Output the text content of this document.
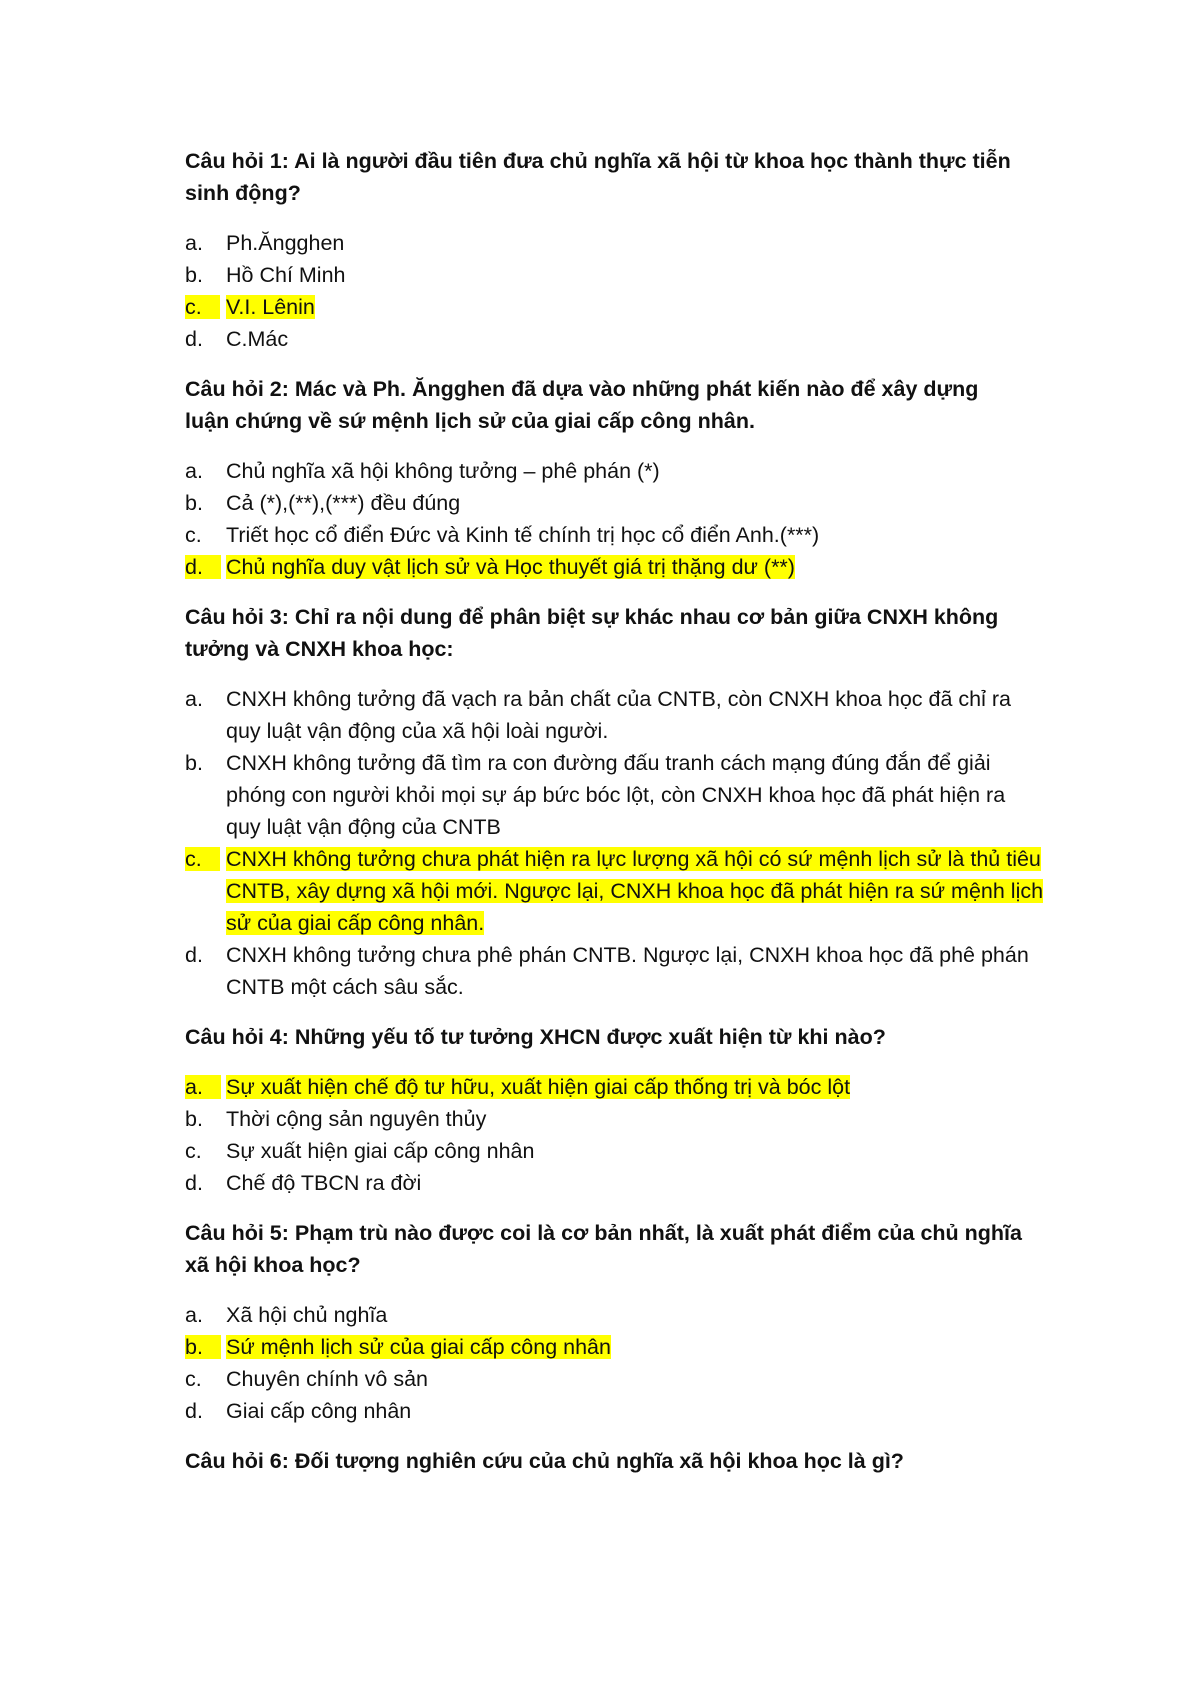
Câu hỏi 1: Ai là người đầu tiên đưa chủ nghĩa xã hội từ khoa học thành thực tiễn sinh động?

a.	Ph.Ăngghen
b.	Hồ Chí Minh
c.	V.I. Lênin
d.	C.Mác

Câu hỏi 2: Mác và Ph. Ăngghen đã dựa vào những phát kiến nào để xây dựng luận chứng về sứ mệnh lịch sử của giai cấp công nhân.

a.	Chủ nghĩa xã hội không tưởng – phê phán (*)
b.	Cả (*),(**),(***) đều đúng
c.	Triết học cổ điển Đức và Kinh tế chính trị học cổ điển Anh.(***)
d.	Chủ nghĩa duy vật lịch sử và Học thuyết giá trị thặng dư (**)

Câu hỏi 3: Chỉ ra nội dung để phân biệt sự khác nhau cơ bản giữa CNXH không tưởng và CNXH khoa học:

a.	CNXH không tưởng đã vạch ra bản chất của CNTB, còn CNXH khoa học đã chỉ ra quy luật vận động của xã hội loài người.
b.	CNXH không tưởng đã tìm ra con đường đấu tranh cách mạng đúng đắn để giải phóng con người khỏi mọi sự áp bức bóc lột, còn CNXH khoa học đã phát hiện ra quy luật vận động của CNTB
c.	CNXH không tưởng chưa phát hiện ra lực lượng xã hội có sứ mệnh lịch sử là thủ tiêu CNTB, xây dựng xã hội mới. Ngược lại, CNXH khoa học đã phát hiện ra sứ mệnh lịch sử của giai cấp công nhân.
d.	CNXH không tưởng chưa phê phán CNTB. Ngược lại, CNXH khoa học đã phê phán CNTB một cách sâu sắc.

Câu hỏi 4: Những yếu tố tư tưởng XHCN được xuất hiện từ khi nào?

a.	Sự xuất hiện chế độ tư hữu, xuất hiện giai cấp thống trị và bóc lột
b.	Thời cộng sản nguyên thủy
c.	Sự xuất hiện giai cấp công nhân
d.	Chế độ TBCN ra đời

Câu hỏi 5: Phạm trù nào được coi là cơ bản nhất, là xuất phát điểm của chủ nghĩa xã hội khoa học?

a.	Xã hội chủ nghĩa
b.	Sứ mệnh lịch sử của giai cấp công nhân
c.	Chuyên chính vô sản
d.	Giai cấp công nhân

Câu hỏi 6: Đối tượng nghiên cứu của chủ nghĩa xã hội khoa học là gì?
